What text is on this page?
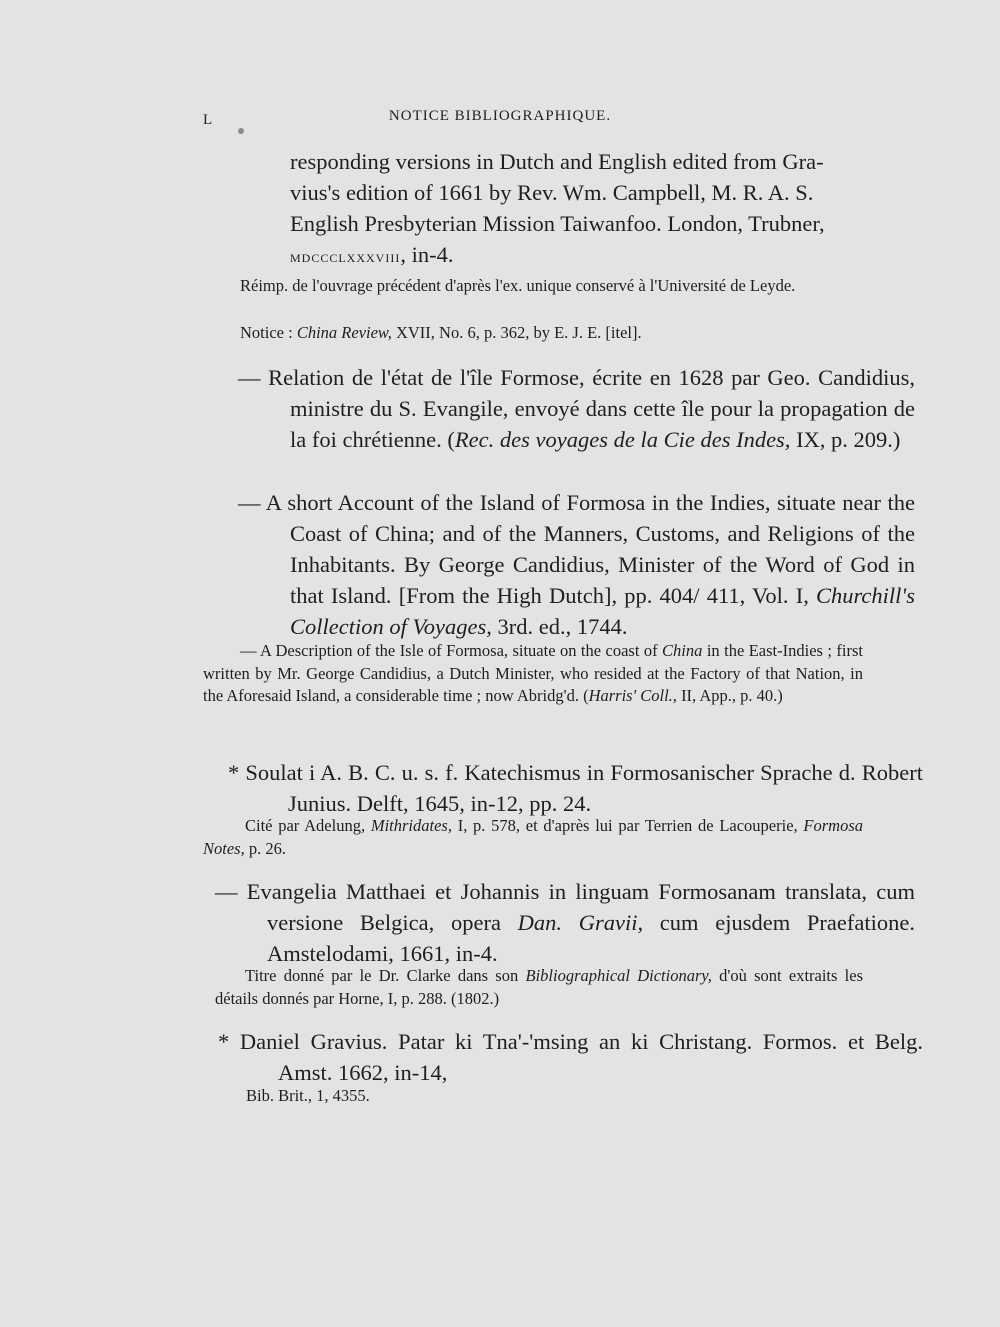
NOTICE BIBLIOGRAPHIQUE.
L
responding versions in Dutch and English edited from Gra-
vius's edition of 1661 by Rev. Wm. Campbell, M. R. A. S.
English Presbyterian Mission Taiwanfoo. London, Trubner,
mdccclxxxviii, in-4.
Réimp. de l'ouvrage précédent d'après l'ex. unique conservé à l'Université de Leyde.
Notice : China Review, XVII, No. 6, p. 362, by E. J. E. [itel].
— Relation de l'état de l'île Formose, écrite en 1628 par Geo. Candidius, ministre du S. Evangile, envoyé dans cette île pour la propagation de la foi chrétienne. (Rec. des voyages de la Cie des Indes, IX, p. 209.)
— A short Account of the Island of Formosa in the Indies, situate near the Coast of China; and of the Manners, Customs, and Religions of the Inhabitants. By George Candidius, Minister of the Word of God in that Island. [From the High Dutch], pp. 404/ 411, Vol. I, Churchill's Collection of Voyages, 3rd. ed., 1744.
— A Description of the Isle of Formosa, situate on the coast of China in the East-Indies ; first written by Mr. George Candidius, a Dutch Minister, who resided at the Factory of that Nation, in the Aforesaid Island, a considerable time ; now Abridg'd. (Harris' Coll., II, App., p. 40.)
* Soulat i A. B. C. u. s. f. Katechismus in Formosanischer Sprache d. Robert Junius. Delft, 1645, in-12, pp. 24.
Cité par Adelung, Mithridates, I, p. 578, et d'après lui par Terrien de Lacouperie, Formosa Notes, p. 26.
— Evangelia Matthaei et Johannis in linguam Formosanam translata, cum versione Belgica, opera Dan. Gravii, cum ejusdem Praefatione. Amstelodami, 1661, in-4.
Titre donné par le Dr. Clarke dans son Bibliographical Dictionary, d'où sont extraits les détails donnés par Horne, I, p. 288. (1802.)
* Daniel Gravius. Patar ki Tna'-'msing an ki Christang. Formos. et Belg. Amst. 1662, in-14,
Bib. Brit., 1, 4355.
